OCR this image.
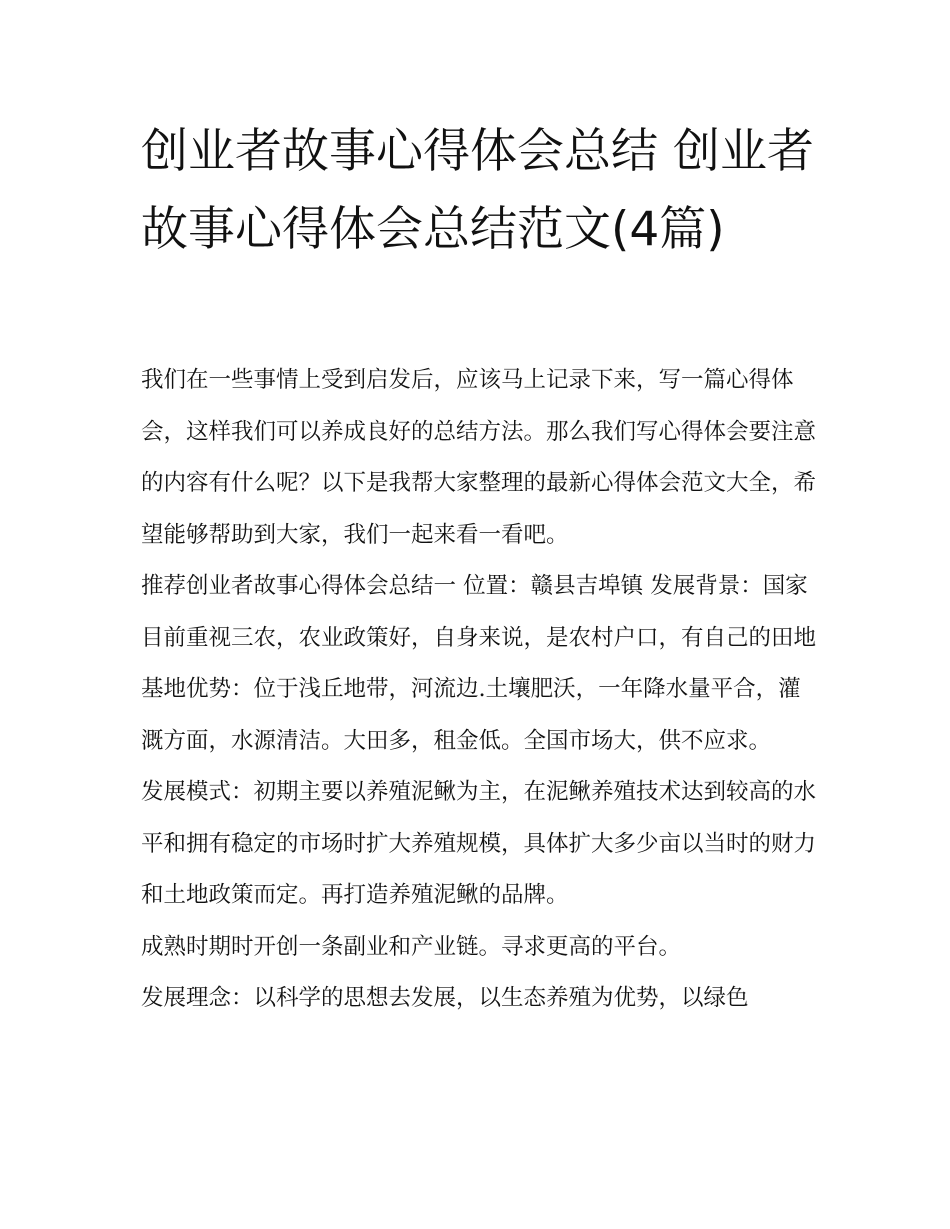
创业者故事心得体会总结 创业者故事心得体会总结范文(4篇)

我们在一些事情上受到启发后，应该马上记录下来，写一篇心得体会，这样我们可以养成良好的总结方法。那么我们写心得体会要注意的内容有什么呢？以下是我帮大家整理的最新心得体会范文大全，希望能够帮助到大家，我们一起来看一看吧。

推荐创业者故事心得体会总结一 位置：赣县吉埠镇 发展背景：国家目前重视三农，农业政策好，自身来说，是农村户口，有自己的田地

基地优势：位于浅丘地带，河流边.土壤肥沃，一年降水量平合，灌溉方面，水源清洁。大田多，租金低。全国市场大，供不应求。

发展模式：初期主要以养殖泥鳅为主，在泥鳅养殖技术达到较高的水平和拥有稳定的市场时扩大养殖规模，具体扩大多少亩以当时的财力和土地政策而定。再打造养殖泥鳅的品牌。

成熟时期时开创一条副业和产业链。寻求更高的平台。

发展理念：以科学的思想去发展，以生态养殖为优势，以绿色
